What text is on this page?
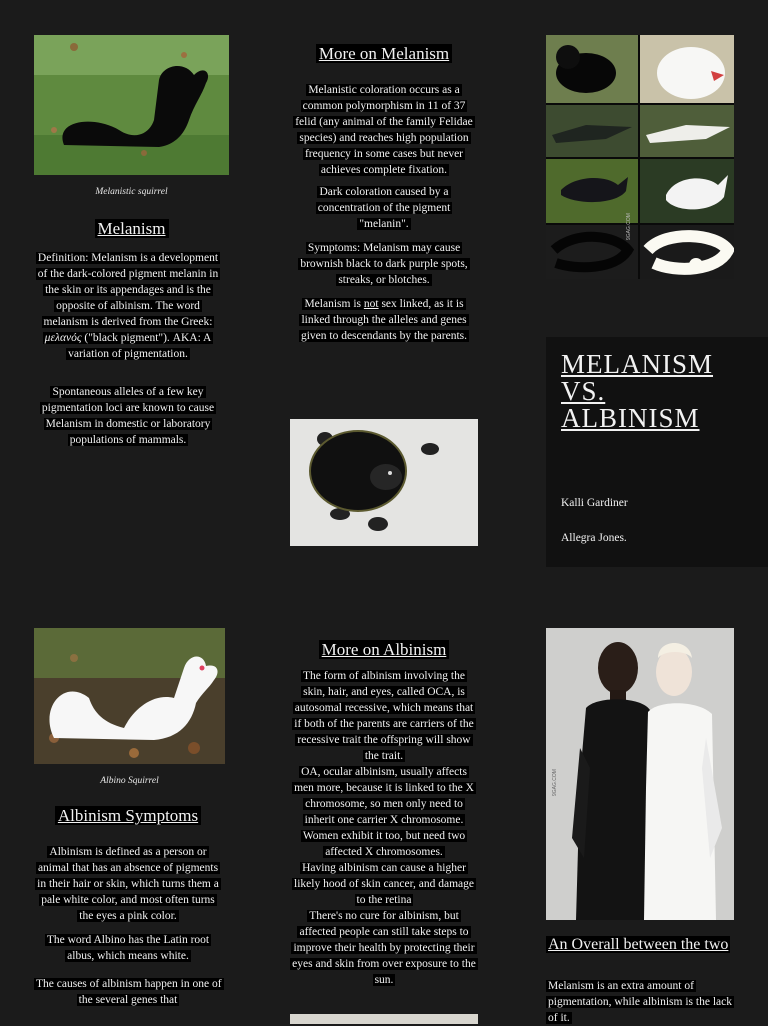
Melanistic squirrel
Melanism

Definition: Melanism is a development of the dark-colored pigment melanin in the skin or its appendages and is the opposite of albinism. The word melanism is derived from the Greek: μελανός ("black pigment"). AKA: A variation of pigmentation.

Spontaneous alleles of a few key pigmentation loci are known to cause Melanism in domestic or laboratory populations of mammals.

More on Melanism

Melanistic coloration occurs as a common polymorphism in 11 of 37 felid (any animal of the family Felidae species) and reaches high population frequency in some cases but never achieves complete fixation.

Dark coloration caused by a concentration of the pigment "melanin".

Symptoms: Melanism may cause brownish black to dark purple spots, streaks, or blotches.

Melanism is not sex linked, as it is linked through the alleles and genes given to descendants by the parents.

9GAG.COM
MELANISM
VS.
ALBINISM
Kalli Gardiner
Allegra Jones.
Albino Squirrel
Albinism Symptoms

Albinism is defined as a person or animal that has an absence of pigments in their hair or skin, which turns them a pale white color, and most often turns the eyes a pink color.

The word Albino has the Latin root albus, which means white.

The causes of albinism happen in one of the several genes that

More on Albinism

The form of albinism involving the skin, hair, and eyes, called OCA, is autosomal recessive, which means that if both of the parents are carriers of the recessive trait the offspring will show the trait.

OA, ocular albinism, usually affects men more, because it is linked to the X chromosome, so men only need to inherit one carrier X chromosome. Women exhibit it too, but need two affected X chromosomes.

Having albinism can cause a higher likely hood of skin cancer, and damage to the retina

There's no cure for albinism, but affected people can still take steps to improve their health by protecting their eyes and skin from over exposure to the sun.

9GAG.COM
An Overall between the two
Melanism is an extra amount of pigmentation, while albinism is the lack of it.
